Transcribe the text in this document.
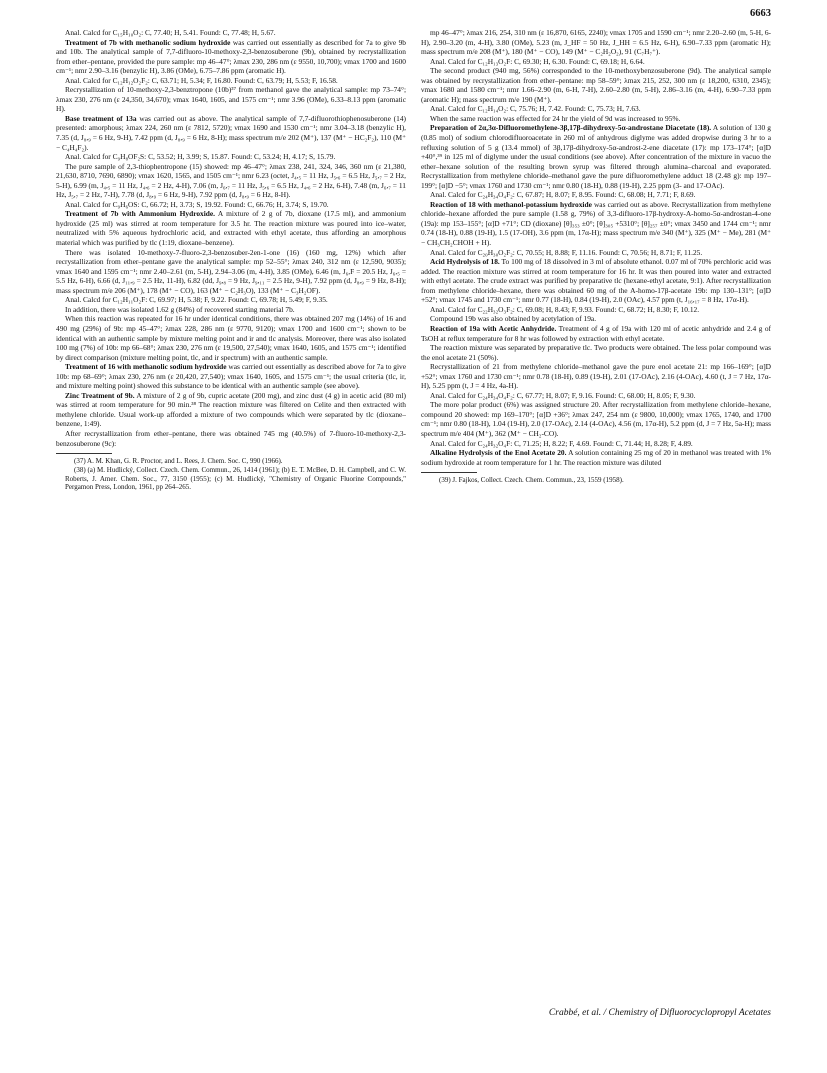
6663

Anal. Calcd for C₁₅H₁₀O₂: C, 77.40; H, 5.41. Found: C, 77.48; H, 5.67.

Treatment of 7b with methanolic sodium hydroxide was carried out essentially as described for 7a to give 9b and 10b. The analytical sample of 7,7-difluoro-10-methoxy-2,3-benzosuberone (9b), obtained by recrystallization from ether–pentane, provided the pure sample: mp 46–47°; λmax 230, 286 nm (ε 9550, 10,700); νmax 1700 and 1600 cm⁻¹; nmr 2.90–3.16 (benzylic H), 3.86 (OMe), 6.75–7.86 ppm (aromatic H).

Anal. Calcd for C₁₂H₁₂O₂F₂: C, 63.71; H, 5.34; F, 16.80. Found: C, 63.79; H, 5.53; F, 16.58.

Recrystallization of 10-methoxy-2,3-benztropone (10b)³⁷ from methanol gave the analytical sample: mp 73–74°; λmax 230, 276 nm (ε 24,350, 34,670); νmax 1640, 1605, and 1575 cm⁻¹; nmr 3.96 (OMe), 6.33–8.13 ppm (aromatic H).

Base treatment of 13a was carried out as above. The analytical sample of 7,7-difluorothiophenosuberone (14) presented: amorphous; λmax 224, 260 nm (ε 7812, 5720); νmax 1690 and 1530 cm⁻¹; nmr 3.04–3.18 (benzylic H), 7.35 (d, J₈,₉ = 6 Hz, 9-H), 7.42 ppm (d, J₈,₉ = 6 Hz, 8-H); mass spectrum m/e 202 (M⁺), 137 (M⁺ − HC₂F₂), 110 (M⁺ − C₄H₄F₂).

Anal. Calcd for C₉H₈OF₂S: C, 53.52; H, 3.99; S, 15.87. Found: C, 53.24; H, 4.17; S, 15.79.

The pure sample of 2,3-thiophentropone (15) showed: mp 46–47°; λmax 238, 241, 324, 346, 360 nm (ε 21,380, 21,630, 8710, 7690, 6890); νmax 1620, 1565, and 1505 cm⁻¹; nmr 6.23 (octet, J₄,₅ = 11 Hz, J₅,₆ = 6.5 Hz, J₅,₇ = 2 Hz, 5-H), 6.99 (m, J₄,₅ = 11 Hz, J₄,₆ = 2 Hz, 4-H), 7.06 (m, J₆,₇ = 11 Hz, J₅,₆ = 6.5 Hz, J₄,₆ = 2 Hz, 6-H), 7.48 (m, J₆,₇ = 11 Hz, J₅,₇ = 2 Hz, 7-H), 7.78 (d, J₈,₉ = 6 Hz, 9-H), 7.92 ppm (d, J₈,₉ = 6 Hz, 8-H).

Anal. Calcd for C₉H₆OS: C, 66.72; H, 3.73; S, 19.92. Found: C, 66.76; H, 3.74; S, 19.70.

Treatment of 7b with Ammonium Hydroxide. A mixture of 2 g of 7b, dioxane (17.5 ml), and ammonium hydroxide (25 ml) was stirred at room temperature for 3.5 hr. The reaction mixture was poured into ice–water, neutralized with 5% aqueous hydrochloric acid, and extracted with ethyl acetate, thus affording an amorphous material which was purified by tlc (1:19, dioxane–benzene).

There was isolated 10-methoxy-7-fluoro-2,3-benzosuber-2en-1-one (16) (160 mg, 12%) which after recrystallization from ether–pentane gave the analytical sample: mp 52–55°; λmax 240, 312 nm (ε 12,590, 9035); νmax 1640 and 1595 cm⁻¹; nmr 2.40–2.61 (m, 5-H), 2.94–3.06 (m, 4-H), 3.85 (OMe), 6.46 (m, J₆,F = 20.5 Hz, J₆,₅ = 5.5 Hz, 6-H), 6.66 (d, J₁₁,₉ = 2.5 Hz, 11-H), 6.82 (dd, J₉,₈ = 9 Hz, J₉,₁₁ = 2.5 Hz, 9-H), 7.92 ppm (d, J₈,₉ = 9 Hz, 8-H); mass spectrum m/e 206 (M⁺), 178 (M⁺ − CO), 163 (M⁺ − C₂H₃O), 133 (M⁺ − C₃H₂OF).

Anal. Calcd for C₁₂H₁₁O₂F: C, 69.97; H, 5.38; F, 9.22. Found: C, 69.78; H, 5.49; F, 9.35.

In addition, there was isolated 1.62 g (84%) of recovered starting material 7b.

When this reaction was repeated for 16 hr under identical conditions, there was obtained 207 mg (14%) of 16 and 490 mg (29%) of 9b: mp 45–47°; λmax 228, 286 nm (ε 9770, 9120); νmax 1700 and 1600 cm⁻¹; shown to be identical with an authentic sample by mixture melting point and ir and tlc analysis. Moreover, there was also isolated 100 mg (7%) of 10b: mp 66–68°; λmax 230, 276 nm (ε 19,500, 27,540); νmax 1640, 1605, and 1575 cm⁻¹; identified by direct comparison (mixture melting point, tlc, and ir spectrum) with an authentic sample.

Treatment of 16 with methanolic sodium hydroxide was carried out essentially as described above for 7a to give 10b: mp 68–69°; λmax 230, 276 nm (ε 20,420, 27,540); νmax 1640, 1605, and 1575 cm⁻¹; the usual criteria (tlc, ir, and mixture melting point) showed this substance to be identical with an authentic sample (see above).

Zinc Treatment of 9b. A mixture of 2 g of 9b, cupric acetate (200 mg), and zinc dust (4 g) in acetic acid (80 ml) was stirred at room temperature for 90 min.³⁸ The reaction mixture was filtered on Celite and then extracted with methylene chloride. Usual work-up afforded a mixture of two compounds which were separated by tlc (dioxane–benzene, 1:49).

After recrystallization from ether–pentane, there was obtained 745 mg (40.5%) of 7-fluoro-10-methoxy-2,3-benzosuberone (9c):

(37) A. M. Khan, G. R. Proctor, and L. Rees, J. Chem. Soc. C, 990 (1966).

(38) (a) M. Hudlický, Collect. Czech. Chem. Commun., 26, 1414 (1961); (b) E. T. McBee, D. H. Campbell, and C. W. Roberts, J. Amer. Chem. Soc., 77, 3150 (1955); (c) M. Hudlický, "Chemistry of Organic Fluorine Compounds," Pergamon Press, London, 1961, pp 264–265.

mp 46–47°; λmax 216, 254, 310 nm (ε 16,870, 6165, 2240); νmax 1705 and 1590 cm⁻¹; nmr 2.20–2.60 (m, 5-H, 6-H), 2.90–3.20 (m, 4-H), 3.80 (OMe), 5.23 (m, J_HF = 50 Hz, J_HH = 6.5 Hz, 6-H), 6.90–7.33 ppm (aromatic H); mass spectrum m/e 208 (M⁺), 180 (M⁺ − CO), 149 (M⁺ − C₂H₂O₂), 91 (C₇H₇⁺).

Anal. Calcd for C₁₂H₁₃O₂F: C, 69.30; H, 6.30. Found: C, 69.18; H, 6.64.

The second product (940 mg, 56%) corresponded to the 10-methoxybenzosuberone (9d). The analytical sample was obtained by recrystallization from ether–pentane: mp 58–59°; λmax 215, 252, 300 nm (ε 18,200, 6310, 2345); νmax 1680 and 1580 cm⁻¹; nmr 1.66–2.90 (m, 6-H, 7-H), 2.60–2.80 (m, 5-H), 2.86–3.16 (m, 4-H), 6.90–7.33 ppm (aromatic H); mass spectrum m/e 190 (M⁺).

Anal. Calcd for C₁₂H₁₄O₂: C, 75.76; H, 7.42. Found: C, 75.73; H, 7.63.

When the same reaction was effected for 24 hr the yield of 9d was increased to 95%.

Preparation of 2α,3α-Difluoromethylene-3β,17β-dihydroxy-5α-androstane Diacetate (18). A solution of 130 g (0.85 mol) of sodium chlorodifluoroacetate in 260 ml of anhydrous diglyme was added dropwise during 3 hr to a refluxing solution of 5 g (13.4 mmol) of 3β,17β-dihydroxy-5α-androst-2-ene diacetate (17): mp 173–174°; [α]D +40°,³⁹ in 125 ml of diglyme under the usual conditions (see above). After concentration of the mixture in vacuo the ether–hexane solution of the resulting brown syrup was filtered through alumina–charcoal and evaporated. Recrystallization from methylene chloride–methanol gave the pure difluoromethylene adduct 18 (2.48 g): mp 197–199°; [α]D −5°; νmax 1760 and 1730 cm⁻¹; nmr 0.80 (18-H), 0.88 (19-H), 2.25 ppm (3- and 17-OAc).

Anal. Calcd for C₂₄H₃₄O₄F₂: C, 67.87; H, 8.07; F, 8.95. Found: C, 68.08; H, 7.71; F, 8.69.

Reaction of 18 with methanol-potassium hydroxide was carried out as above. Recrystallization from methylene chloride–hexane afforded the pure sample (1.58 g, 79%) of 3,3-difluoro-17β-hydroxy-A-homo-5α-androstan-4-one (19a): mp 153–155°; [α]D +71°; CD (dioxane) [θ]₃₅₃ ±0°; [θ]₃₀₅ +5310°; [θ]₂₅₇ ±0°; νmax 3450 and 1744 cm⁻¹; nmr 0.74 (18-H), 0.88 (19-H), 1.5 (17-OH), 3.6 ppm (m, 17α-H); mass spectrum m/e 340 (M⁺), 325 (M⁺ − Me), 281 (M⁺ − CH₃CH₂CHOH + H).

Anal. Calcd for C₂₀H₃₀O₂F₂: C, 70.55; H, 8.88; F, 11.16. Found: C, 70.56; H, 8.71; F, 11.25.

Acid Hydrolysis of 18. To 100 mg of 18 dissolved in 3 ml of absolute ethanol. 0.07 ml of 70% perchloric acid was added. The reaction mixture was stirred at room temperature for 16 hr. It was then poured into water and extracted with ethyl acetate. The crude extract was purified by preparative tlc (hexane-ethyl acetate, 9:1). After recrystallization from methylene chloride–hexane, there was obtained 60 mg of the A-homo-17β-acetate 19b: mp 130–131°; [α]D +52°; νmax 1745 and 1730 cm⁻¹; nmr 0.77 (18-H), 0.84 (19-H), 2.0 (OAc), 4.57 ppm (t, J₁₆,₁₇ = 8 Hz, 17α-H).

Anal. Calcd for C₂₂H₃₂O₃F₂: C, 69.08; H, 8.43; F, 9.93. Found: C, 68.72; H, 8.30; F, 10.12.

Compound 19b was also obtained by acetylation of 19a.

Reaction of 19a with Acetic Anhydride. Treatment of 4 g of 19a with 120 ml of acetic anhydride and 2.4 g of TsOH at reflux temperature for 8 hr was followed by extraction with ethyl acetate.

The reaction mixture was separated by preparative tlc. Two products were obtained. The less polar compound was the enol acetate 21 (50%).

Recrystallization of 21 from methylene chloride–methanol gave the pure enol acetate 21: mp 166–169°; [α]D +52°; νmax 1760 and 1730 cm⁻¹; nmr 0.78 (18-H), 0.89 (19-H), 2.01 (17-OAc), 2.16 (4-OAc), 4.60 (t, J = 7 Hz, 17α-H), 5.25 ppm (t, J = 4 Hz, 4a-H).

Anal. Calcd for C₂₄H₃₄O₄F₂: C, 67.77; H, 8.07; F, 9.16. Found: C, 68.00; H, 8.05; F, 9.30.

The more polar product (6%) was assigned structure 20. After recrystallization from methylene chloride–hexane, compound 20 showed: mp 169–170°; [α]D +36°; λmax 247, 254 nm (ε 9800, 10,000); νmax 1765, 1740, and 1700 cm⁻¹; nmr 0.80 (18-H), 1.04 (19-H), 2.0 (17-OAc), 2.14 (4-OAc), 4.56 (m, 17α-H), 5.2 ppm (d, J = 7 Hz, 5a-H); mass spectrum m/e 404 (M⁺), 362 (M⁺ − CH₂-CO).

Anal. Calcd for C₂₄H₃₂O₄F: C, 71.25; H, 8.22; F, 4.69. Found: C, 71.44; H, 8.28; F, 4.89.

Alkaline Hydrolysis of the Enol Acetate 20. A solution containing 25 mg of 20 in methanol was treated with 1% sodium hydroxide at room temperature for 1 hr. The reaction mixture was diluted

(39) J. Fajkos, Collect. Czech. Chem. Commun., 23, 1559 (1958).

Crabbé, et al. / Chemistry of Difluorocyclopropyl Acetates
